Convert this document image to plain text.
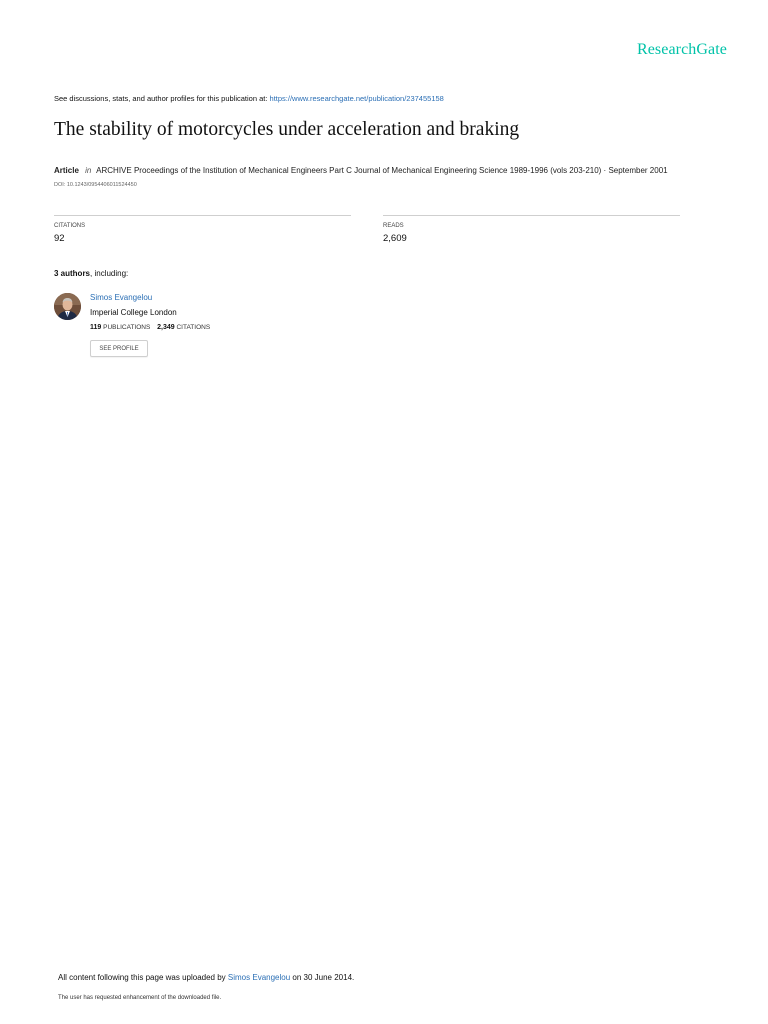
ResearchGate
See discussions, stats, and author profiles for this publication at: https://www.researchgate.net/publication/237455158
The stability of motorcycles under acceleration and braking
Article in ARCHIVE Proceedings of the Institution of Mechanical Engineers Part C Journal of Mechanical Engineering Science 1989-1996 (vols 203-210) · September 2001
DOI: 10.1243/0954406011524450
CITATIONS
92
READS
2,609
3 authors, including:
Simos Evangelou
Imperial College London
119 PUBLICATIONS 2,349 CITATIONS
SEE PROFILE
All content following this page was uploaded by Simos Evangelou on 30 June 2014.
The user has requested enhancement of the downloaded file.
